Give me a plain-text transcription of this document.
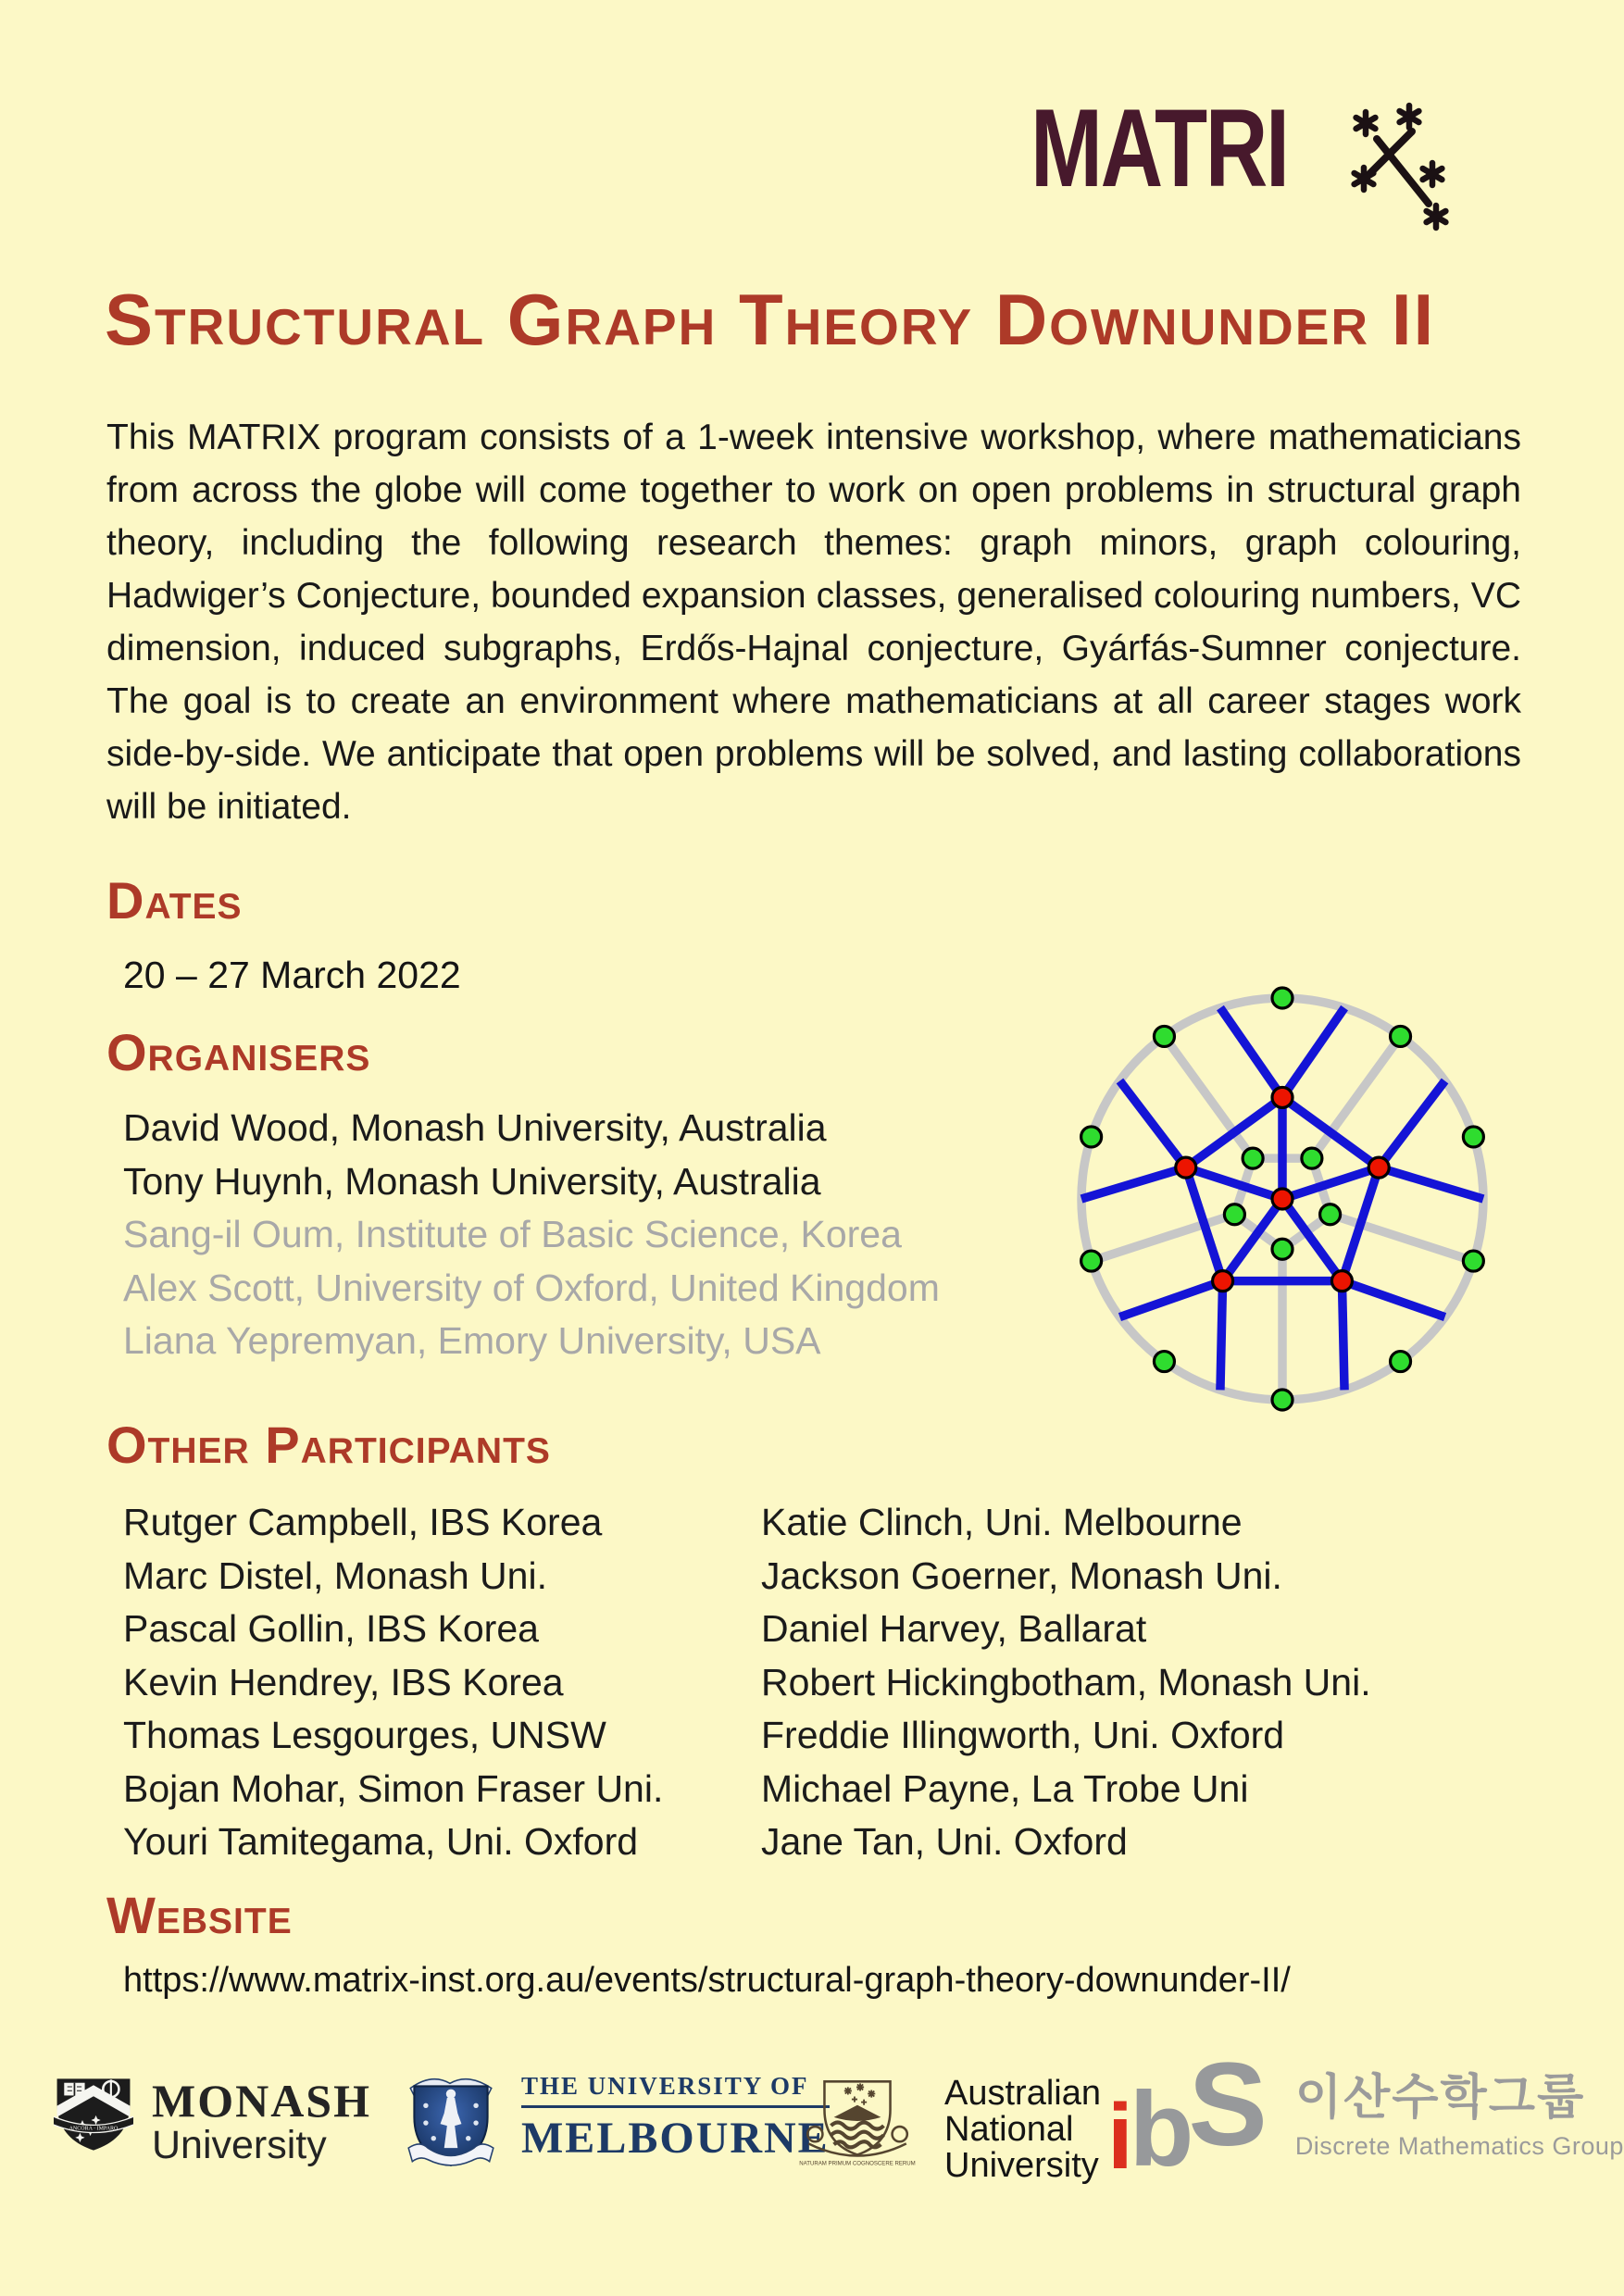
MATRI
Structural Graph Theory Downunder II
This MATRIX program consists of a 1-week intensive workshop, where mathematicians from across the globe will come together to work on open problems in structural graph theory, including the following research themes: graph minors, graph colouring, Hadwiger’s Conjecture, bounded expansion classes, generalised colouring numbers, VC dimension, induced subgraphs, Erdős-Hajnal conjecture, Gyárfás-Sumner conjecture. The goal is to create an environment where mathematicians at all career stages work side-by-side. We anticipate that open problems will be solved, and lasting collaborations will be initiated.
Dates
20 – 27 March 2022
Organisers
David Wood, Monash University, Australia
Tony Huynh, Monash University, Australia
Sang-il Oum, Institute of Basic Science, Korea
Alex Scott, University of Oxford, United Kingdom
Liana Yepremyan, Emory University, USA
Other Participants
Rutger Campbell, IBS Korea
Marc Distel, Monash Uni.
Pascal Gollin, IBS Korea
Kevin Hendrey, IBS Korea
Thomas Lesgourges, UNSW
Bojan Mohar, Simon Fraser Uni.
Youri Tamitegama, Uni. Oxford
Katie Clinch, Uni. Melbourne
Jackson Goerner, Monash Uni.
Daniel Harvey, Ballarat
Robert Hickingbotham, Monash Uni.
Freddie Illingworth, Uni. Oxford
Michael Payne, La Trobe Uni
Jane Tan, Uni. Oxford
Website
https://www.matrix-inst.org.au/events/structural-graph-theory-downunder-II/
ANCORA · IMPARO
MONASH
University
THE UNIVERSITY OF
MELBOURNE
NATURAM PRIMUM COGNOSCERE RERUM
Australian
National
University ibS 이산수학그룹
Discrete Mathematics Group
